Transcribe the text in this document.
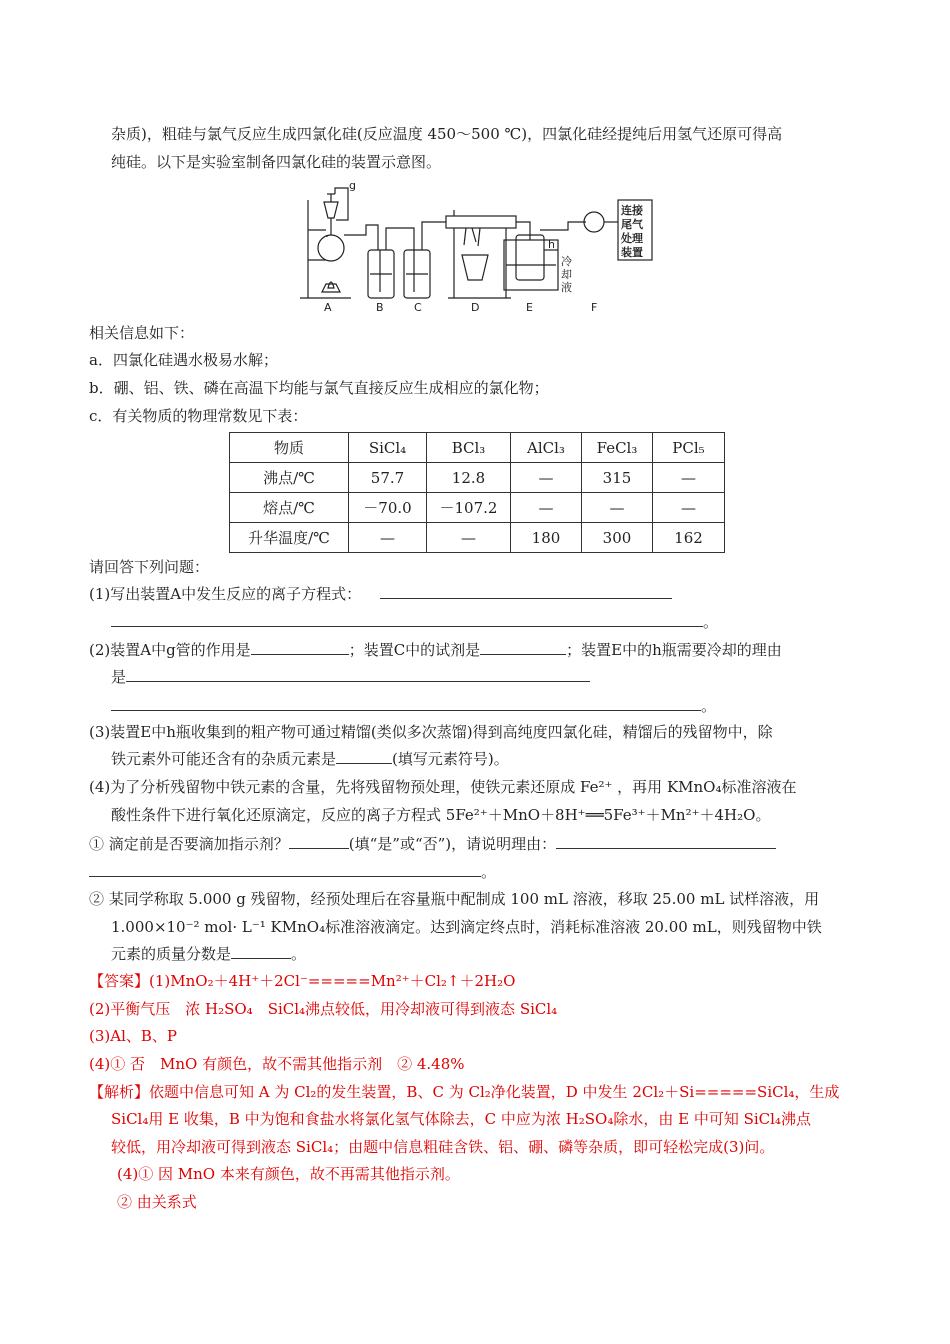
杂质)，粗硅与氯气反应生成四氯化硅(反应温度 450～500 ℃)，四氯化硅经提纯后用氢气还原可得高
纯硅。以下是实验室制备四氯化硅的装置示意图。
g
h
A	B	C	D	E	F
冷
却
液
连接
尾气
处理
装置
相关信息如下：
a．四氯化硅遇水极易水解；
b．硼、铝、铁、磷在高温下均能与氯气直接反应生成相应的氯化物；
c．有关物质的物理常数见下表：
物质	SiCl₄	BCl₃	AlCl₃	FeCl₃	PCl₅
沸点/℃	57.7	12.8	—	315	—
熔点/℃	－70.0	－107.2	—	—	—
升华温度/℃	—	—	180	300	162
请回答下列问题：
(1)写出装置A中发生反应的离子方程式：
。
(2)装置A中g管的作用是	；装置C中的试剂是	；装置E中的h瓶需要冷却的理由
是
。
(3)装置E中h瓶收集到的粗产物可通过精馏(类似多次蒸馏)得到高纯度四氯化硅，精馏后的残留物中，除
铁元素外可能还含有的杂质元素是	(填写元素符号)。
(4)为了分析残留物中铁元素的含量，先将残留物预处理，使铁元素还原成 Fe²⁺ ，再用 KMnO₄标准溶液在
酸性条件下进行氧化还原滴定，反应的离子方程式 5Fe²⁺＋MnO＋8H⁺══5Fe³⁺＋Mn²⁺＋4H₂O。
① 滴定前是否要滴加指示剂？	(填“是”或“否”)，请说明理由：
。
② 某同学称取 5.000 g 残留物，经预处理后在容量瓶中配制成 100 mL 溶液，移取 25.00 mL 试样溶液，用
1.000×10⁻² mol· L⁻¹ KMnO₄标准溶液滴定。达到滴定终点时，消耗标准溶液 20.00 mL，则残留物中铁
元素的质量分数是	。
【答案】(1)MnO₂＋4H⁺＋2Cl⁻=====Mn²⁺＋Cl₂↑＋2H₂O
(2)平衡气压　浓 H₂SO₄　SiCl₄沸点较低，用冷却液可得到液态 SiCl₄
(3)Al、B、P
(4)① 否　MnO 有颜色，故不需其他指示剂　② 4.48%
【解析】依题中信息可知 A 为 Cl₂的发生装置，B、C 为 Cl₂净化装置，D 中发生 2Cl₂＋Si=====SiCl₄，生成
SiCl₄用 E 收集，B 中为饱和食盐水将氯化氢气体除去，C 中应为浓 H₂SO₄除水，由 E 中可知 SiCl₄沸点
较低，用冷却液可得到液态 SiCl₄；由题中信息粗硅含铁、铝、硼、磷等杂质，即可轻松完成(3)问。
(4)① 因 MnO 本来有颜色，故不再需其他指示剂。
② 由关系式
